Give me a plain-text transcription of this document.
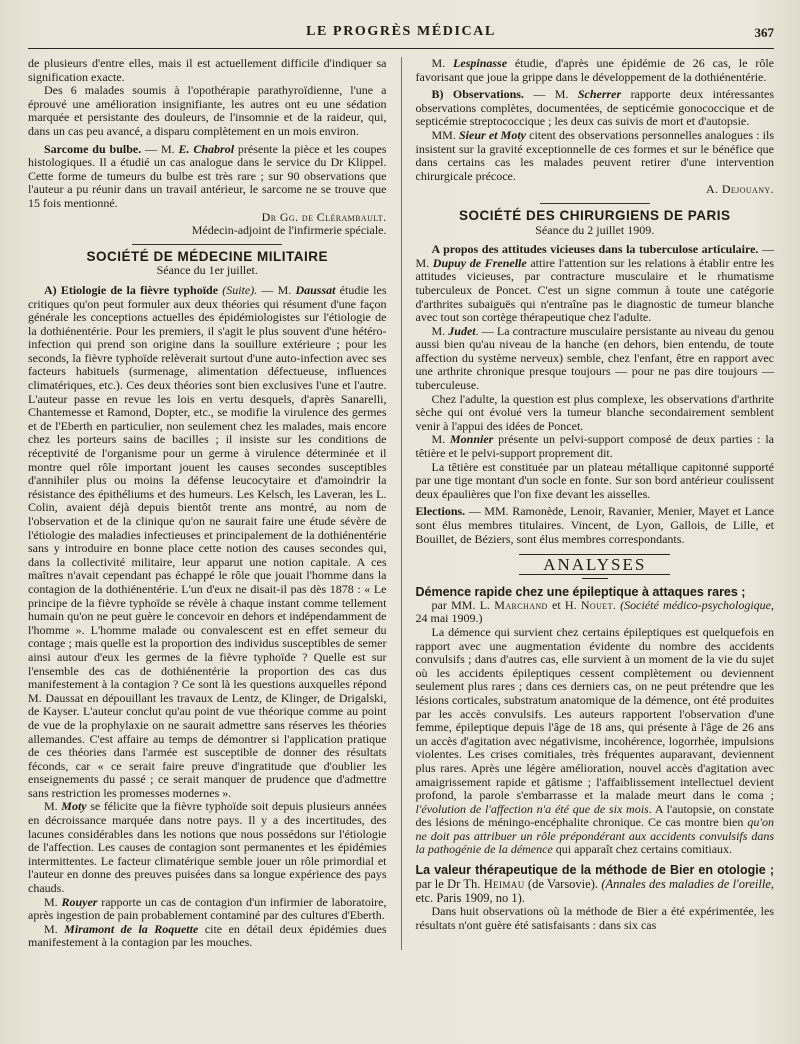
LE PROGRÈS MÉDICAL	367

de plusieurs d'entre elles, mais il est actuellement difficile d'indiquer sa signification exacte.

Des 6 malades soumis à l'opothérapie parathyroïdienne, l'une a éprouvé une amélioration insignifiante, les autres ont eu une sédation marquée et persistante des douleurs, de l'insomnie et de la raideur, qui, dans un cas peu avancé, a disparu complètement en un mois environ.

Sarcome du bulbe. — M. E. Chabrol présente la pièce et les coupes histologiques. Il a étudié un cas analogue dans le service du Dr Klippel. Cette forme de tumeurs du bulbe est très rare ; sur 90 observations que l'auteur a pu réunir dans un travail antérieur, le sarcome ne se trouve que 15 fois mentionné.

Dr Gg. de Clérambault.

Médecin-adjoint de l'infirmerie spéciale.

SOCIÉTÉ DE MÉDECINE MILITAIRE
Séance du 1er juillet.

A) Etiologie de la fièvre typhoïde (Suite). — M. Daussat étudie les critiques qu'on peut formuler aux deux théories qui résument d'une façon générale les conceptions actuelles des épidémiologistes sur l'étiologie de la dothiénentérie. Pour les premiers, il s'agit le plus souvent d'une hétéro-infection qui prend son origine dans la souillure extérieure ; pour les seconds, la fièvre typhoïde relèverait surtout d'une auto-infection avec ses facteurs habituels (surmenage, alimentation défectueuse, influences climatériques, etc.). Ces deux théories sont bien exclusives l'une et l'autre. L'auteur passe en revue les lois en vertu desquels, d'après Sanarelli, Chantemesse et Ramond, Dopter, etc., se modifie la virulence des germes et de l'Eberth en particulier, non seulement chez les malades, mais encore chez les porteurs sains de bacilles ; il insiste sur les conditions de réceptivité de l'organisme pour un germe à virulence déterminée et il montre quel rôle important jouent les causes secondes susceptibles d'annihiler plus ou moins la défense leucocytaire et d'amoindrir la résistance des épithéliums et des humeurs. Les Kelsch, les Laveran, les L. Colin, avaient déjà depuis bientôt trente ans montré, au nom de l'observation et de la clinique qu'on ne saurait faire une étude sévère de l'étiologie des maladies infectieuses et principalement de la dothiénentérie sans y introduire en bonne place cette notion des causes secondes qui, dans la collectivité militaire, leur apparut une notion capitale. A ces maîtres n'avait cependant pas échappé le rôle que jouait l'homme dans la contagion de la dothiénentérie. L'un d'eux ne disait-il pas dès 1878 : « Le principe de la fièvre typhoïde se révèle à chaque instant comme tellement humain qu'on ne peut guère le concevoir en dehors et indépendamment de l'homme ». L'homme malade ou convalescent est en effet semeur du contage ; mais quelle est la proportion des individus susceptibles de semer ainsi autour d'eux les germes de la fièvre typhoïde ? Quelle est sur l'ensemble des cas de dothiénentérie la proportion des cas dus manifestement à la contagion ? Ce sont là les questions auxquelles répond M. Daussat en dépouillant les travaux de Lentz, de Klinger, de Drigalski, de Kayser. L'auteur conclut qu'au point de vue théorique comme au point de vue de la prophylaxie on ne saurait admettre sans réserves les théories allemandes. C'est affaire au temps de démontrer si l'application pratique de ces théories dans l'armée est susceptible de donner des résultats féconds, car « ce serait faire preuve d'ingratitude que d'oublier les enseignements du passé ; ce serait manquer de prudence que d'admettre sans restriction les promesses modernes ».

M. Moty se félicite que la fièvre typhoïde soit depuis plusieurs années en décroissance marquée dans notre pays. Il y a des incertitudes, des lacunes considérables dans les notions que nous possédons sur l'étiologie de l'affection. Les causes de contagion sont permanentes et les épidémies intermittentes. Le facteur climatérique semble jouer un rôle primordial et l'auteur en donne des preuves puisées dans sa longue expérience des pays chauds.

M. Rouyer rapporte un cas de contagion d'un infirmier de laboratoire, après ingestion de pain probablement contaminé par des cultures d'Eberth.

M. Miramont de la Roquette cite en détail deux épidémies dues manifestement à la contagion par les mouches.

M. Lespinasse étudie, d'après une épidémie de 26 cas, le rôle favorisant que joue la grippe dans le développement de la dothiénentérie.

B) Observations. — M. Scherrer rapporte deux intéressantes observations complètes, documentées, de septicémie gonococcique et de septicémie streptococcique ; les deux cas suivis de mort et d'autopsie.

MM. Sieur et Moty citent des observations personnelles analogues : ils insistent sur la gravité exceptionnelle de ces formes et sur le bénéfice que dans certains cas les malades peuvent retirer d'une intervention chirurgicale précoce.

A. Dejouany.

SOCIÉTÉ DES CHIRURGIENS DE PARIS
Séance du 2 juillet 1909.

A propos des attitudes vicieuses dans la tuberculose articulaire. — M. Dupuy de Frenelle attire l'attention sur les relations à établir entre les attitudes vicieuses, par contracture musculaire et le rhumatisme tuberculeux de Poncet. C'est un signe commun à toute une catégorie d'arthrites subaiguës qui n'entraîne pas le diagnostic de tumeur blanche avec tout son cortège thérapeutique chez l'adulte.

M. Judet. — La contracture musculaire persistante au niveau du genou aussi bien qu'au niveau de la hanche (en dehors, bien entendu, de toute affection du système nerveux) semble, chez l'enfant, être en rapport avec une arthrite chronique presque toujours — pour ne pas dire toujours — tuberculeuse.

Chez l'adulte, la question est plus complexe, les observations d'arthrite sèche qui ont évolué vers la tumeur blanche secondairement semblent venir à l'appui des idées de Poncet.

M. Monnier présente un pelvi-support composé de deux parties : la têtière et le pelvi-support proprement dit.

La têtière est constituée par un plateau métallique capitonné supporté par une tige montant d'un socle en fonte. Sur son bord antérieur coulissent deux épaulières que l'on fixe devant les aisselles.

Elections. — MM. Ramonède, Lenoir, Ravanier, Menier, Mayet et Lance sont élus membres titulaires. Vincent, de Lyon, Gallois, de Lille, et Bouillet, de Béziers, sont élus membres correspondants.

ANALYSES

Démence rapide chez une épileptique à attaques rares ;

par MM. L. Marchand et H. Nouet. (Société médico-psychologique, 24 mai 1909.)

La démence qui survient chez certains épileptiques est quelquefois en rapport avec une augmentation évidente du nombre des accidents convulsifs ; dans d'autres cas, elle survient à un moment de la vie du sujet où les accidents épileptiques cessent complètement ou deviennent seulement plus rares ; dans ces derniers cas, on ne peut prétendre que les lésions corticales, substratum anatomique de la démence, ont été produites par les accès convulsifs. Les auteurs rapportent l'observation d'une femme, épileptique depuis l'âge de 18 ans, qui présente à l'âge de 26 ans un accès d'agitation avec négativisme, incohérence, logorrhée, impulsions violentes. Les crises comitiales, très fréquentes auparavant, deviennent plus rares. Après une légère amélioration, nouvel accès d'agitation avec amaigrissement rapide et gâtisme ; l'affaiblissement intellectuel devient profond, la parole s'embarrasse et la malade meurt dans le coma ; l'évolution de l'affection n'a été que de six mois. A l'autopsie, on constate des lésions de méningo-encéphalite chronique. Ce cas montre bien qu'on ne doit pas attribuer un rôle prépondérant aux accidents convulsifs dans la pathogénie de la démence qui apparaît chez certains comitiaux.

La valeur thérapeutique de la méthode de Bier en otologie ; par le Dr Th. Heimau (de Varsovie). (Annales des maladies de l'oreille, etc. Paris 1909, no 1).

Dans huit observations où la méthode de Bier a été expérimentée, les résultats n'ont guère été satisfaisants : dans six cas
